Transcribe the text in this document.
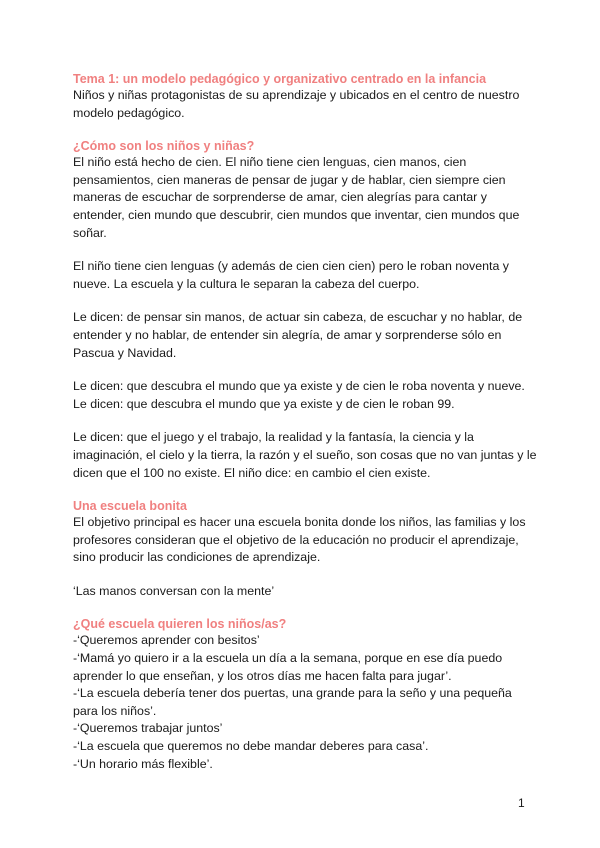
Tema 1: un modelo pedagógico y organizativo centrado en la infancia

Niños y niñas protagonistas de su aprendizaje y ubicados en el centro de nuestro
modelo pedagógico.

¿Cómo son los niños y niñas?

El niño está hecho de cien. El niño tiene cien lenguas, cien manos, cien
pensamientos, cien maneras de pensar de jugar y de hablar, cien siempre cien
maneras de escuchar de sorprenderse de amar, cien alegrías para cantar y
entender, cien mundo que descubrir, cien mundos que inventar, cien mundos que
soñar.

El niño tiene cien lenguas (y además de cien cien cien) pero le roban noventa y
nueve. La escuela y la cultura le separan la cabeza del cuerpo.

Le dicen: de pensar sin manos, de actuar sin cabeza, de escuchar y no hablar, de
entender y no hablar, de entender sin alegría, de amar y sorprenderse sólo en
Pascua y Navidad.

Le dicen: que descubra el mundo que ya existe y de cien le roba noventa y nueve.
Le dicen: que descubra el mundo que ya existe y de cien le roban 99.

Le dicen: que el juego y el trabajo, la realidad y la fantasía, la ciencia y la
imaginación, el cielo y la tierra, la razón y el sueño, son cosas que no van juntas y le
dicen que el 100 no existe. El niño dice: en cambio el cien existe.

Una escuela bonita

El objetivo principal es hacer una escuela bonita donde los niños, las familias y los
profesores consideran que el objetivo de la educación no producir el aprendizaje,
sino producir las condiciones de aprendizaje.

‘Las manos conversan con la mente’

¿Qué escuela quieren los niños/as?

-‘Queremos aprender con besitos’
-‘Mamá yo quiero ir a la escuela un día a la semana, porque en ese día puedo
aprender lo que enseñan, y los otros días me hacen falta para jugar’.
-‘La escuela debería tener dos puertas, una grande para la seño y una pequeña
para los niños’.
-‘Queremos trabajar juntos’
-‘La escuela que queremos no debe mandar deberes para casa’.
-‘Un horario más flexible’.

1
